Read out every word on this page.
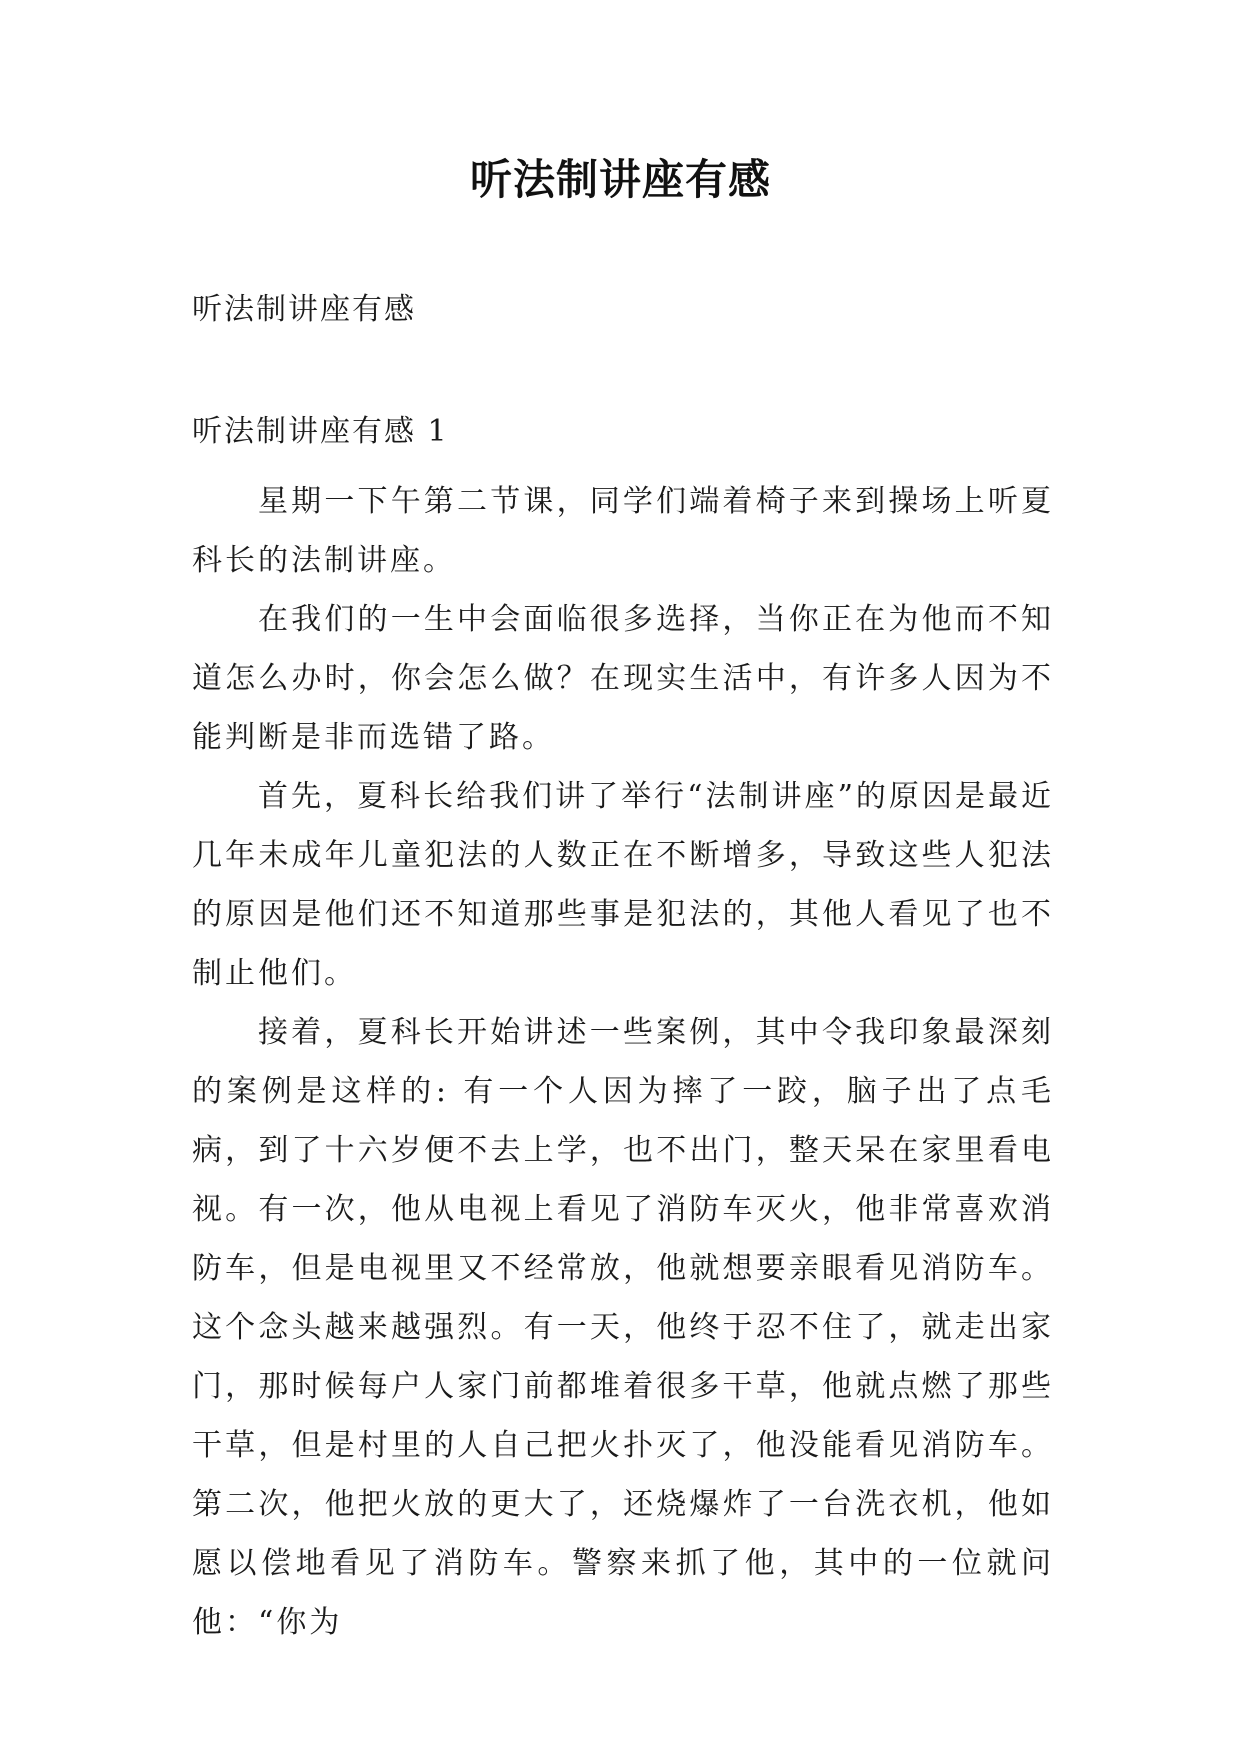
听法制讲座有感
听法制讲座有感
听法制讲座有感 1

星期一下午第二节课，同学们端着椅子来到操场上听夏科长的法制讲座。

在我们的一生中会面临很多选择，当你正在为他而不知道怎么办时，你会怎么做？在现实生活中，有许多人因为不能判断是非而选错了路。

首先，夏科长给我们讲了举行“法制讲座”的原因是最近几年未成年儿童犯法的人数正在不断增多，导致这些人犯法的原因是他们还不知道那些事是犯法的，其他人看见了也不制止他们。

接着，夏科长开始讲述一些案例，其中令我印象最深刻的案例是这样的: 有一个人因为摔了一跤，脑子出了点毛病，到了十六岁便不去上学，也不出门，整天呆在家里看电视。有一次，他从电视上看见了消防车灭火，他非常喜欢消防车，但是电视里又不经常放，他就想要亲眼看见消防车。这个念头越来越强烈。有一天，他终于忍不住了，就走出家门，那时候每户人家门前都堆着很多干草，他就点燃了那些干草，但是村里的人自己把火扑灭了，他没能看见消防车。第二次，他把火放的更大了，还烧爆炸了一台洗衣机，他如愿以偿地看见了消防车。警察来抓了他，其中的一位就问他：“你为
